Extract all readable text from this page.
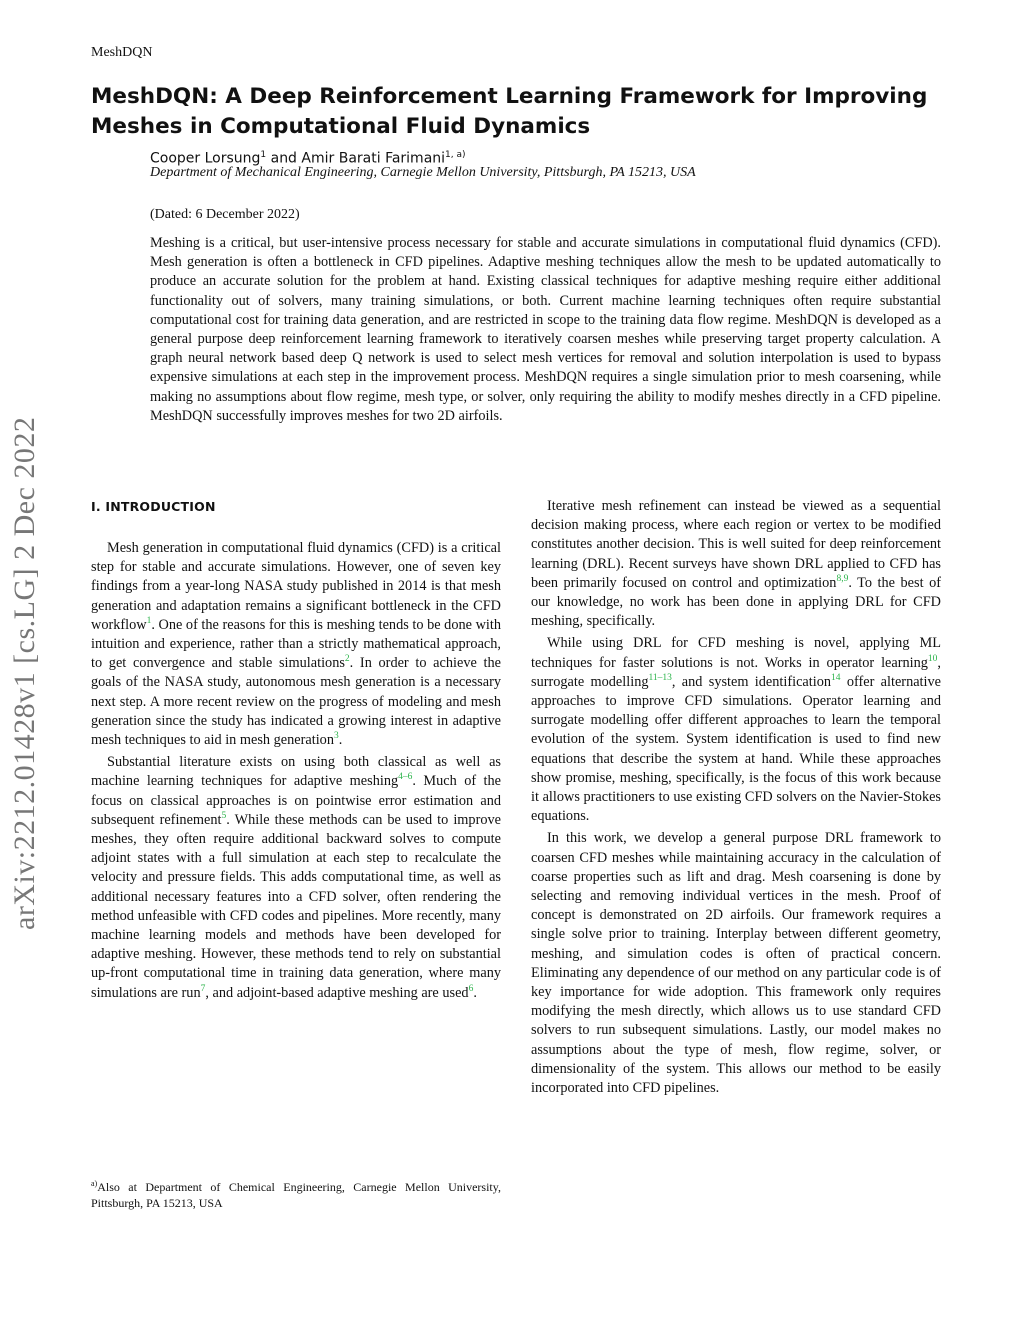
MeshDQN
arXiv:2212.01428v1 [cs.LG] 2 Dec 2022
MeshDQN: A Deep Reinforcement Learning Framework for Improving Meshes in Computational Fluid Dynamics
Cooper Lorsung$^1$ and Amir Barati Farimani$^{1, a)}$
Department of Mechanical Engineering, Carnegie Mellon University, Pittsburgh, PA 15213, USA
(Dated: 6 December 2022)

Meshing is a critical, but user-intensive process necessary for stable and accurate simulations in computational fluid dynamics (CFD). Mesh generation is often a bottleneck in CFD pipelines. Adaptive meshing techniques allow the mesh to be updated automatically to produce an accurate solution for the problem at hand. Existing classical techniques for adaptive meshing require either additional functionality out of solvers, many training simulations, or both. Current machine learning techniques often require substantial computational cost for training data generation, and are restricted in scope to the training data flow regime. MeshDQN is developed as a general purpose deep reinforcement learning framework to iteratively coarsen meshes while preserving target property calculation. A graph neural network based deep Q network is used to select mesh vertices for removal and solution interpolation is used to bypass expensive simulations at each step in the improvement process. MeshDQN requires a single simulation prior to mesh coarsening, while making no assumptions about flow regime, mesh type, or solver, only requiring the ability to modify meshes directly in a CFD pipeline. MeshDQN successfully improves meshes for two 2D airfoils.

I. INTRODUCTION

Mesh generation in computational fluid dynamics (CFD) is a critical step for stable and accurate simulations. However, one of seven key findings from a year-long NASA study published in 2014 is that mesh generation and adaptation remains a significant bottleneck in the CFD workflow$^1$. One of the reasons for this is meshing tends to be done with intuition and experience, rather than a strictly mathematical approach, to get convergence and stable simulations$^2$. In order to achieve the goals of the NASA study, autonomous mesh generation is a necessary next step. A more recent review on the progress of modeling and mesh generation since the study has indicated a growing interest in adaptive mesh techniques to aid in mesh generation$^3$.

Substantial literature exists on using both classical as well as machine learning techniques for adaptive meshing$^{4-6}$. Much of the focus on classical approaches is on pointwise error estimation and subsequent refinement$^5$. While these methods can be used to improve meshes, they often require additional backward solves to compute adjoint states with a full simulation at each step to recalculate the velocity and pressure fields. This adds computational time, as well as additional necessary features into a CFD solver, often rendering the method unfeasible with CFD codes and pipelines. More recently, many machine learning models and methods have been developed for adaptive meshing. However, these methods tend to rely on substantial up-front computational time in training data generation, where many simulations are run$^7$, and adjoint-based adaptive meshing are used$^6$.

$^{a)}$Also at Department of Chemical Engineering, Carnegie Mellon University, Pittsburgh, PA 15213, USA

Iterative mesh refinement can instead be viewed as a sequential decision making process, where each region or vertex to be modified constitutes another decision. This is well suited for deep reinforcement learning (DRL). Recent surveys have shown DRL applied to CFD has been primarily focused on control and optimization$^{8,9}$. To the best of our knowledge, no work has been done in applying DRL for CFD meshing, specifically.

While using DRL for CFD meshing is novel, applying ML techniques for faster solutions is not. Works in operator learning$^{10}$, surrogate modelling$^{11-13}$, and system identification$^{14}$ offer alternative approaches to improve CFD simulations. Operator learning and surrogate modelling offer different approaches to learn the temporal evolution of the system. System identification is used to find new equations that describe the system at hand. While these approaches show promise, meshing, specifically, is the focus of this work because it allows practitioners to use existing CFD solvers on the Navier-Stokes equations.

In this work, we develop a general purpose DRL framework to coarsen CFD meshes while maintaining accuracy in the calculation of coarse properties such as lift and drag. Mesh coarsening is done by selecting and removing individual vertices in the mesh. Proof of concept is demonstrated on 2D airfoils. Our framework requires a single solve prior to training. Interplay between different geometry, meshing, and simulation codes is often of practical concern. Eliminating any dependence of our method on any particular code is of key importance for wide adoption. This framework only requires modifying the mesh directly, which allows us to use standard CFD solvers to run subsequent simulations. Lastly, our model makes no assumptions about the type of mesh, flow regime, solver, or dimensionality of the system. This allows our method to be easily incorporated into CFD pipelines.
